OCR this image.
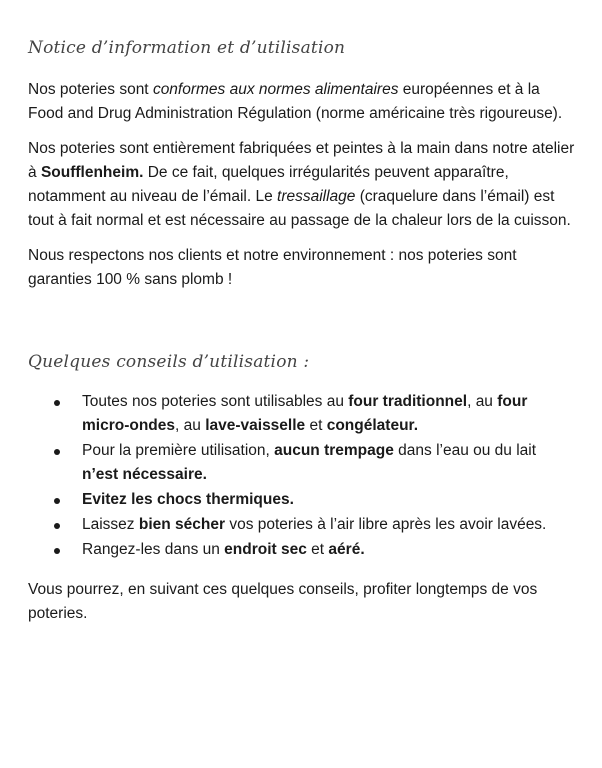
Notice d’information et d’utilisation

Nos poteries sont conformes aux normes alimentaires européennes et à la Food and Drug Administration Régulation (norme américaine très rigoureuse).

Nos poteries sont entièrement fabriquées et peintes à la main dans notre atelier à Soufflenheim. De ce fait, quelques irrégularités peuvent apparaître, notamment au niveau de l’émail. Le tressaillage (craquelure dans l’émail) est tout à fait normal et est nécessaire au passage de la chaleur lors de la cuisson.

Nous respectons nos clients et notre environnement : nos poteries sont garanties 100 % sans plomb !

Quelques conseils d’utilisation :
Toutes nos poteries sont utilisables au four traditionnel, au four micro-ondes, au lave-vaisselle et congélateur.
Pour la première utilisation, aucun trempage dans l’eau ou du lait n’est nécessaire.
Evitez les chocs thermiques.
Laissez bien sécher vos poteries à l’air libre après les avoir lavées.
Rangez-les dans un endroit sec et aéré.

Vous pourrez, en suivant ces quelques conseils, profiter longtemps de vos poteries.
